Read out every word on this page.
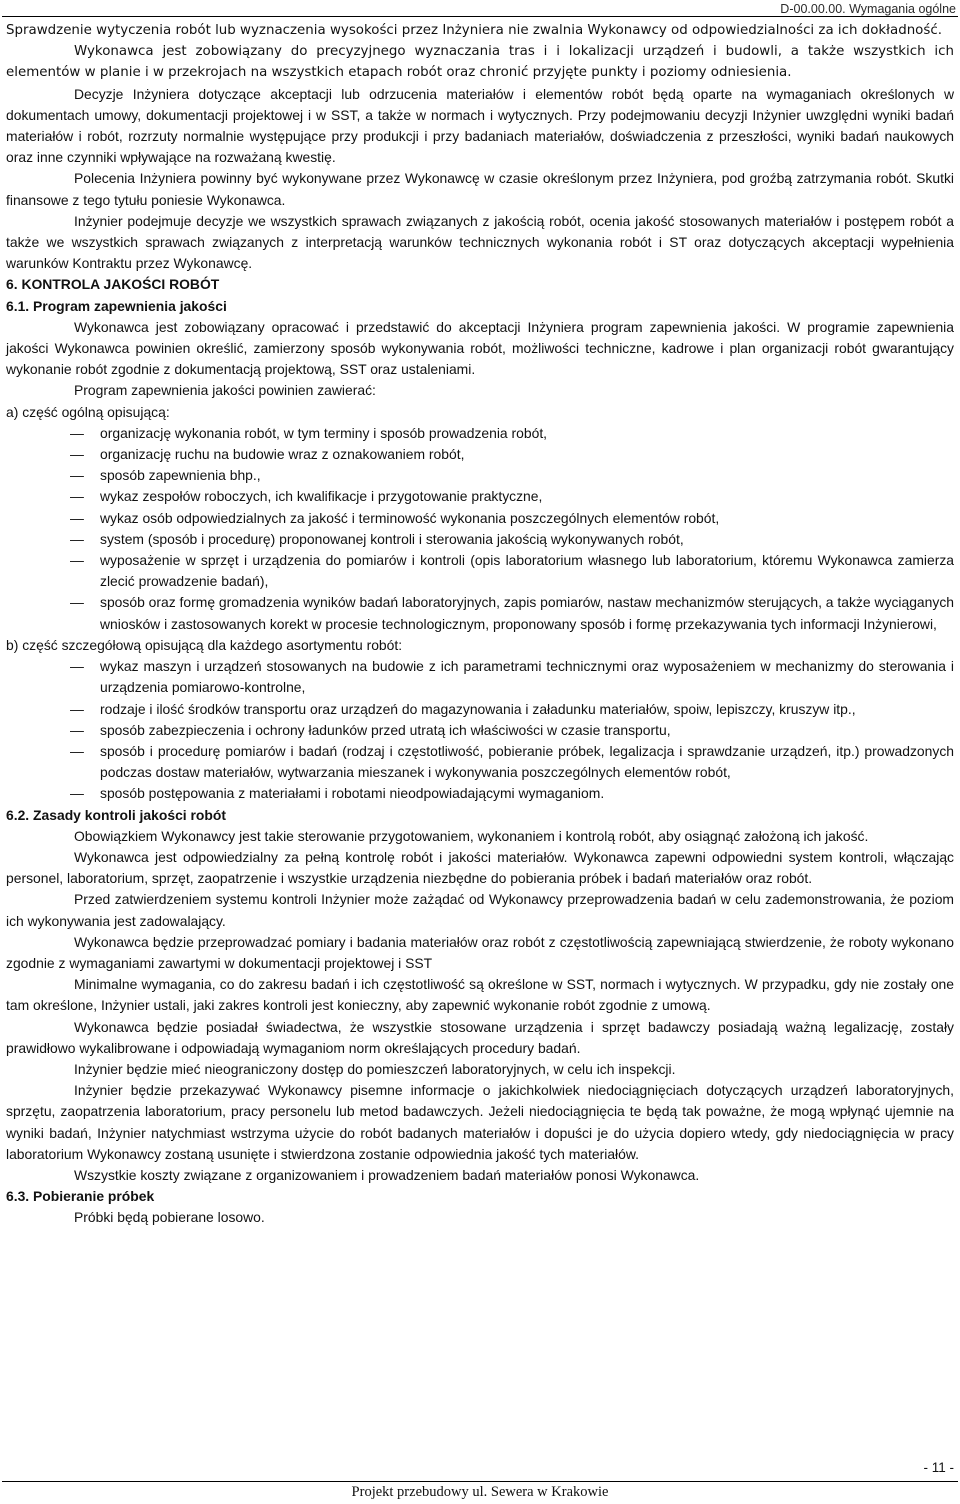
D-00.00.00. Wymagania ogólne

Sprawdzenie wytyczenia robót lub wyznaczenia wysokości przez Inżyniera nie zwalnia Wykonawcy od odpowiedzialności za ich dokładność.

Wykonawca jest zobowiązany do precyzyjnego wyznaczania tras i i lokalizacji urządzeń i budowli, a także wszystkich ich elementów w planie i w przekrojach na wszystkich etapach robót oraz chronić przyjęte punkty i poziomy odniesienia.

Decyzje Inżyniera dotyczące akceptacji lub odrzucenia materiałów i elementów robót będą oparte na wymaganiach określonych w dokumentach umowy, dokumentacji projektowej i w SST, a także w normach i wytycznych. Przy podejmowaniu decyzji Inżynier uwzględni wyniki badań materiałów i robót, rozrzuty normalnie występujące przy produkcji i przy badaniach materiałów, doświadczenia z przeszłości, wyniki badań naukowych oraz inne czynniki wpływające na rozważaną kwestię.

Polecenia Inżyniera powinny być wykonywane przez Wykonawcę w czasie określonym przez Inżyniera, pod groźbą zatrzymania robót. Skutki finansowe z tego tytułu poniesie Wykonawca.

Inżynier podejmuje decyzje we wszystkich sprawach związanych z jakością robót, ocenia jakość stosowanych materiałów i postępem robót a także we wszystkich sprawach związanych z interpretacją warunków technicznych wykonania robót i ST oraz dotyczących akceptacji wypełnienia warunków Kontraktu przez Wykonawcę.

6. KONTROLA JAKOŚCI ROBÓT

6.1. Program zapewnienia jakości

Wykonawca jest zobowiązany opracować i przedstawić do akceptacji Inżyniera program zapewnienia jakości. W programie zapewnienia jakości Wykonawca powinien określić, zamierzony sposób wykonywania robót, możliwości techniczne, kadrowe i plan organizacji robót gwarantujący wykonanie robót zgodnie z dokumentacją projektową, SST oraz ustaleniami.

Program zapewnienia jakości powinien zawierać:

a) część ogólną opisującą:

— organizację wykonania robót, w tym terminy i sposób prowadzenia robót,
— organizację ruchu na budowie wraz z oznakowaniem robót,
— sposób zapewnienia bhp.,
— wykaz zespołów roboczych, ich kwalifikacje i przygotowanie praktyczne,
— wykaz osób odpowiedzialnych za jakość i terminowość wykonania poszczególnych elementów robót,
— system (sposób i procedurę) proponowanej kontroli i sterowania jakością wykonywanych robót,
— wyposażenie w sprzęt i urządzenia do pomiarów i kontroli (opis laboratorium własnego lub laboratorium, któremu Wykonawca zamierza zlecić prowadzenie badań),
— sposób oraz formę gromadzenia wyników badań laboratoryjnych, zapis pomiarów, nastaw mechanizmów sterujących, a także wyciąganych wniosków i zastosowanych korekt w procesie technologicznym, proponowany sposób i formę przekazywania tych informacji Inżynierowi,

b) część szczegółową opisującą dla każdego asortymentu robót:

— wykaz maszyn i urządzeń stosowanych na budowie z ich parametrami technicznymi oraz wyposażeniem w mechanizmy do sterowania i urządzenia pomiarowo-kontrolne,
— rodzaje i ilość środków transportu oraz urządzeń do magazynowania i załadunku materiałów, spoiw, lepiszczy, kruszyw itp.,
— sposób zabezpieczenia i ochrony ładunków przed utratą ich właściwości w czasie transportu,
— sposób i procedurę pomiarów i badań (rodzaj i częstotliwość, pobieranie próbek, legalizacja i sprawdzanie urządzeń, itp.) prowadzonych podczas dostaw materiałów, wytwarzania mieszanek i wykonywania poszczególnych elementów robót,
— sposób postępowania z materiałami i robotami nieodpowiadającymi wymaganiom.

6.2. Zasady kontroli jakości robót

Obowiązkiem Wykonawcy jest takie sterowanie przygotowaniem, wykonaniem i kontrolą robót, aby osiągnąć założoną ich jakość.

Wykonawca jest odpowiedzialny za pełną kontrolę robót i jakości materiałów. Wykonawca zapewni odpowiedni system kontroli, włączając personel, laboratorium, sprzęt, zaopatrzenie i wszystkie urządzenia niezbędne do pobierania próbek i badań materiałów oraz robót.

Przed zatwierdzeniem systemu kontroli Inżynier może zażądać od Wykonawcy przeprowadzenia badań w celu zademonstrowania, że poziom ich wykonywania jest zadowalający.

Wykonawca będzie przeprowadzać pomiary i badania materiałów oraz robót z częstotliwością zapewniającą stwierdzenie, że roboty wykonano zgodnie z wymaganiami zawartymi w dokumentacji projektowej i SST

Minimalne wymagania, co do zakresu badań i ich częstotliwość są określone w SST, normach i wytycznych. W przypadku, gdy nie zostały one tam określone, Inżynier ustali, jaki zakres kontroli jest konieczny, aby zapewnić wykonanie robót zgodnie z umową.

Wykonawca będzie posiadał świadectwa, że wszystkie stosowane urządzenia i sprzęt badawczy posiadają ważną legalizację, zostały prawidłowo wykalibrowane i odpowiadają wymaganiom norm określających procedury badań.

Inżynier będzie mieć nieograniczony dostęp do pomieszczeń laboratoryjnych, w celu ich inspekcji.

Inżynier będzie przekazywać Wykonawcy pisemne informacje o jakichkolwiek niedociągnięciach dotyczących urządzeń laboratoryjnych, sprzętu, zaopatrzenia laboratorium, pracy personelu lub metod badawczych. Jeżeli niedociągnięcia te będą tak poważne, że mogą wpłynąć ujemnie na wyniki badań, Inżynier natychmiast wstrzyma użycie do robót badanych materiałów i dopuści je do użycia dopiero wtedy, gdy niedociągnięcia w pracy laboratorium Wykonawcy zostaną usunięte i stwierdzona zostanie odpowiednia jakość tych materiałów.

Wszystkie koszty związane z organizowaniem i prowadzeniem badań materiałów ponosi Wykonawca.

6.3. Pobieranie próbek

Próbki będą pobierane losowo.

- 11 -
Projekt przebudowy ul. Sewera w Krakowie
